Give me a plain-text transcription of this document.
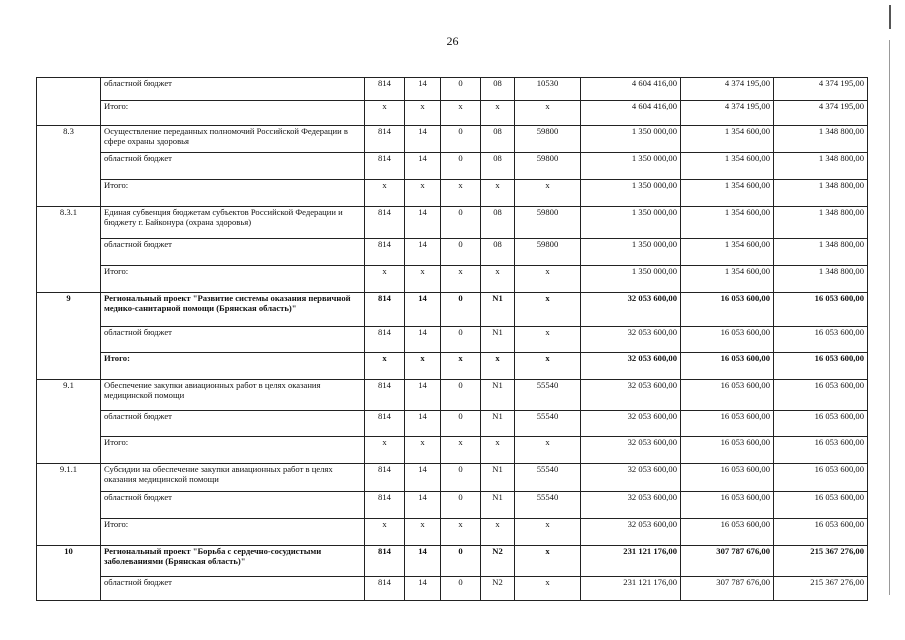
26
	областной бюджет	814	14	0	08	10530	4 604 416,00	4 374 195,00	4 374 195,00
	Итого:	x	x	x	x	x	4 604 416,00	4 374 195,00	4 374 195,00
8.3	Осуществление переданных полномочий Российской Федерации в сфере охраны здоровья	814	14	0	08	59800	1 350 000,00	1 354 600,00	1 348 800,00
	областной бюджет	814	14	0	08	59800	1 350 000,00	1 354 600,00	1 348 800,00
	Итого:	x	x	x	x	x	1 350 000,00	1 354 600,00	1 348 800,00
8.3.1	Единая субвенция бюджетам субъектов Российской Федерации и бюджету г. Байконура (охрана здоровья)	814	14	0	08	59800	1 350 000,00	1 354 600,00	1 348 800,00
	областной бюджет	814	14	0	08	59800	1 350 000,00	1 354 600,00	1 348 800,00
	Итого:	x	x	x	x	x	1 350 000,00	1 354 600,00	1 348 800,00
9	Региональный проект "Развитие системы оказания первичной медико-санитарной помощи (Брянская область)"	814	14	0	N1	x	32 053 600,00	16 053 600,00	16 053 600,00
	областной бюджет	814	14	0	N1	x	32 053 600,00	16 053 600,00	16 053 600,00
	Итого:	x	x	x	x	x	32 053 600,00	16 053 600,00	16 053 600,00
9.1	Обеспечение закупки авиационных работ в целях оказания медицинской помощи	814	14	0	N1	55540	32 053 600,00	16 053 600,00	16 053 600,00
	областной бюджет	814	14	0	N1	55540	32 053 600,00	16 053 600,00	16 053 600,00
	Итого:	x	x	x	x	x	32 053 600,00	16 053 600,00	16 053 600,00
9.1.1	Субсидии на обеспечение закупки авиационных работ в целях оказания медицинской помощи	814	14	0	N1	55540	32 053 600,00	16 053 600,00	16 053 600,00
	областной бюджет	814	14	0	N1	55540	32 053 600,00	16 053 600,00	16 053 600,00
	Итого:	x	x	x	x	x	32 053 600,00	16 053 600,00	16 053 600,00
10	Региональный проект "Борьба с сердечно-сосудистыми заболеваниями (Брянская область)"	814	14	0	N2	x	231 121 176,00	307 787 676,00	215 367 276,00
	областной бюджет	814	14	0	N2	x	231 121 176,00	307 787 676,00	215 367 276,00
